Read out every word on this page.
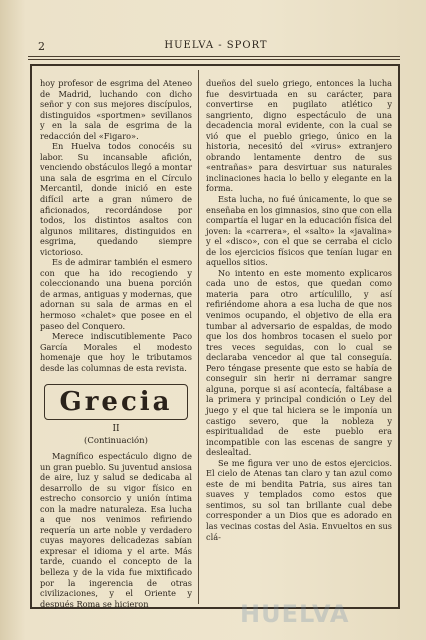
2	HUELVA - SPORT

hoy profesor de esgrima del Ateneo de Madrid, luchando con dicho señor y con sus mejores discípulos, distinguidos «sportmen» sevillanos y en la sala de esgrima de la redacción del «Figaro».

En Huelva todos conocéis su labor. Su incansable afición, venciendo obstáculos llegó a montar una sala de esgrima en el Círculo Mercantil, donde inició en este difícil arte a gran número de aficionados, recordándose por todos, los distintos asaltos con algunos militares, distinguidos en esgrima, quedando siempre victorioso.

Es de admirar también el esmero con que ha ido recogiendo y coleccionando una buena porción de armas, antiguas y modernas, que adornan su sala de armas en el hermoso «chalet» que posee en el paseo del Conquero.

Merece indiscutiblemente Paco García Morales el modesto homenaje que hoy le tributamos desde las columnas de esta revista.

Grecia
II
(Continuación)

Magnífico espectáculo digno de un gran pueblo. Su juventud ansiosa de aire, luz y salud se dedicaba al desarrollo de su vigor físico en estrecho consorcio y unión íntima con la madre naturaleza. Esa lucha a que nos venimos refiriendo requería un arte noble y verdadero cuyas mayores delicadezas sabían expresar el idioma y el arte. Más tarde, cuando el concepto de la belleza y de la vida fue mixtificado por la ingerencia de otras civilizaciones, y el Oriente y después Roma se hicieron

dueños del suelo griego, entonces la lucha fue desvirtuada en su carácter, para convertirse en pugilato atlético y sangriento, digno espectáculo de una decadencia moral evidente, con la cual se vió que el pueblo griego, único en la historia, necesitó del «virus» extranjero obrando lentamente dentro de sus «entrañas» para desvirtuar sus naturales inclinaciones hacia lo bello y elegante en la forma.

Esta lucha, no fué únicamente, lo que se enseñaba en los gimnasios, sino que con ella compartía el lugar en la educación física del joven: la «carrera», el «salto» la «javalina» y el «disco», con el que se cerraba el ciclo de los ejercicios físicos que tenían lugar en aquellos sitios.

No intento en este momento explicaros cada uno de estos, que quedan como materia para otro artículillo, y así refiriéndome ahora a esa lucha de que nos venimos ocupando, el objetivo de ella era tumbar al adversario de espaldas, de modo que los dos hombros tocasen el suelo por tres veces seguidas, con lo cual se declaraba vencedor al que tal conseguía. Pero téngase presente que esto se había de conseguir sin herir ni derramar sangre alguna, porque si así acontecía, faltábase a la primera y principal condición o Ley del juego y el que tal hiciera se le imponía un castigo severo, que la nobleza y espiritualidad de este pueblo era incompatible con las escenas de sangre y deslealtad.

Se me figura ver uno de estos ejercicios. El cielo de Atenas tan claro y tan azul como este de mi bendita Patria, sus aires tan suaves y templados como estos que sentimos, su sol tan brillante cual debe corresponder a un Dios que es adorado en las vecinas costas del Asia. Envueltos en sus clá-

HUELVA
